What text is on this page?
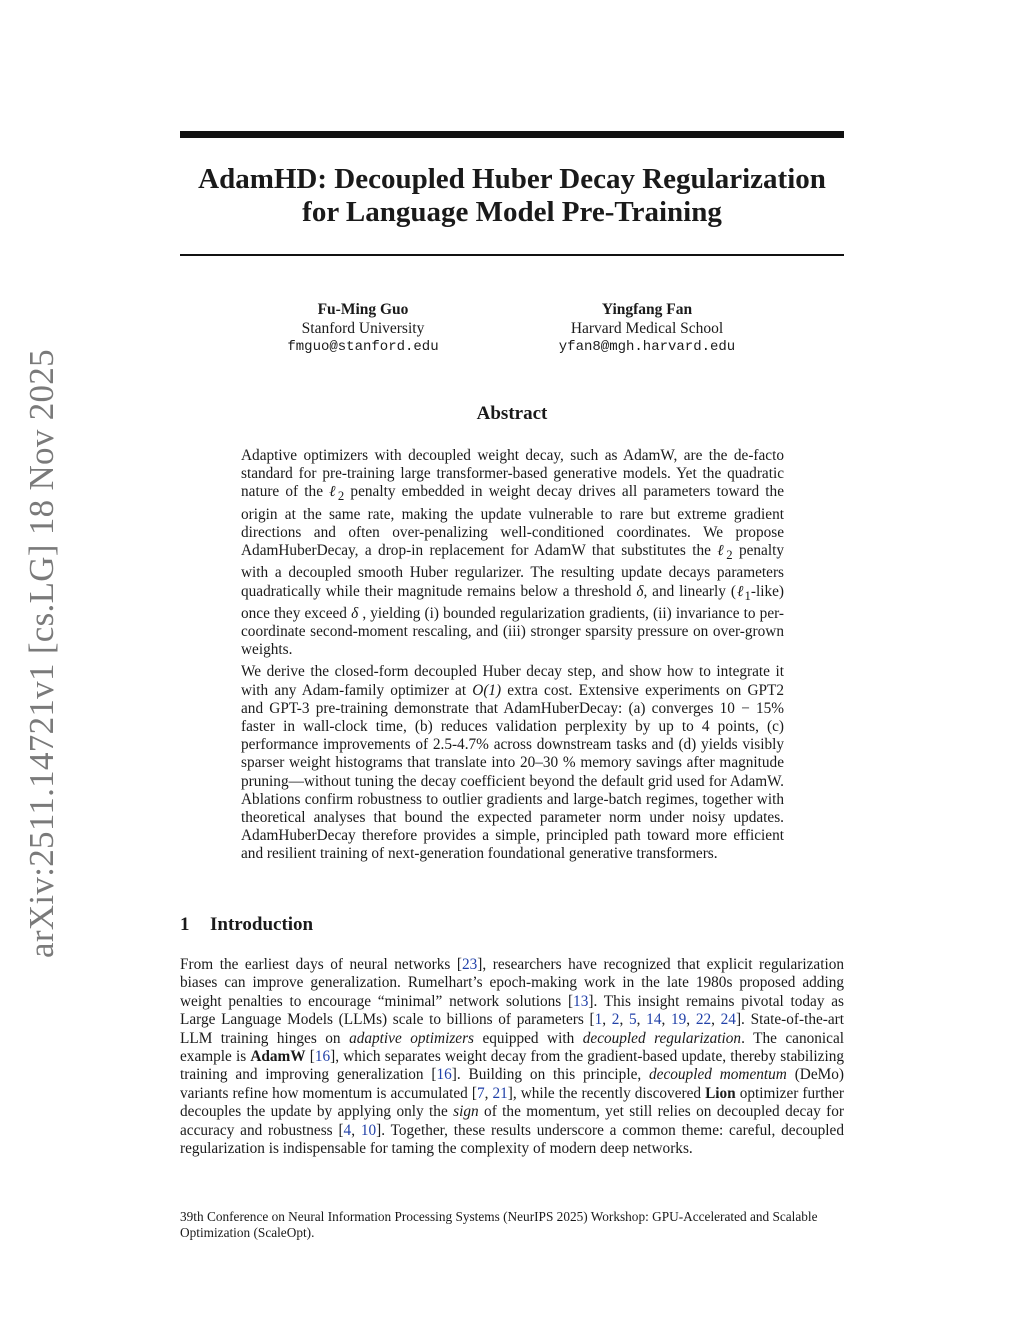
arXiv:2511.14721v1 [cs.LG] 18 Nov 2025
AdamHD: Decoupled Huber Decay Regularization for Language Model Pre-Training
Fu-Ming Guo
Stanford University
fmguo@stanford.edu
Yingfang Fan
Harvard Medical School
yfan8@mgh.harvard.edu
Abstract

Adaptive optimizers with decoupled weight decay, such as AdamW, are the de-facto standard for pre-training large transformer-based generative models. Yet the quadratic nature of the ℓ$_2$ penalty embedded in weight decay drives all parameters toward the origin at the same rate, making the update vulnerable to rare but extreme gradient directions and often over-penalizing well-conditioned coordinates. We propose AdamHuberDecay, a drop-in replacement for AdamW that substitutes the ℓ$_2$ penalty with a decoupled smooth Huber regularizer. The resulting update decays parameters quadratically while their magnitude remains below a threshold δ, and linearly (ℓ$_1$-like) once they exceed δ , yielding (i) bounded regularization gradients, (ii) invariance to per-coordinate second-moment rescaling, and (iii) stronger sparsity pressure on over-grown weights.

We derive the closed-form decoupled Huber decay step, and show how to integrate it with any Adam-family optimizer at O(1) extra cost. Extensive experiments on GPT2 and GPT-3 pre-training demonstrate that AdamHuberDecay: (a) converges 10 − 15% faster in wall-clock time, (b) reduces validation perplexity by up to 4 points, (c) performance improvements of 2.5-4.7% across downstream tasks and (d) yields visibly sparser weight histograms that translate into 20–30 % memory savings after magnitude pruning—without tuning the decay coefficient beyond the default grid used for AdamW. Ablations confirm robustness to outlier gradients and large-batch regimes, together with theoretical analyses that bound the expected parameter norm under noisy updates. AdamHuberDecay therefore provides a simple, principled path toward more efficient and resilient training of next-generation foundational generative transformers.

1 Introduction

From the earliest days of neural networks [23], researchers have recognized that explicit regularization biases can improve generalization. Rumelhart’s epoch-making work in the late 1980s proposed adding weight penalties to encourage “minimal” network solutions [13]. This insight remains pivotal today as Large Language Models (LLMs) scale to billions of parameters [1, 2, 5, 14, 19, 22, 24]. State-of-the-art LLM training hinges on adaptive optimizers equipped with decoupled regularization. The canonical example is AdamW [16], which separates weight decay from the gradient-based update, thereby stabilizing training and improving generalization [16]. Building on this principle, decoupled momentum (DeMo) variants refine how momentum is accumulated [7, 21], while the recently discovered Lion optimizer further decouples the update by applying only the sign of the momentum, yet still relies on decoupled decay for accuracy and robustness [4, 10]. Together, these results underscore a common theme: careful, decoupled regularization is indispensable for taming the complexity of modern deep networks.

39th Conference on Neural Information Processing Systems (NeurIPS 2025) Workshop: GPU-Accelerated and Scalable Optimization (ScaleOpt).
